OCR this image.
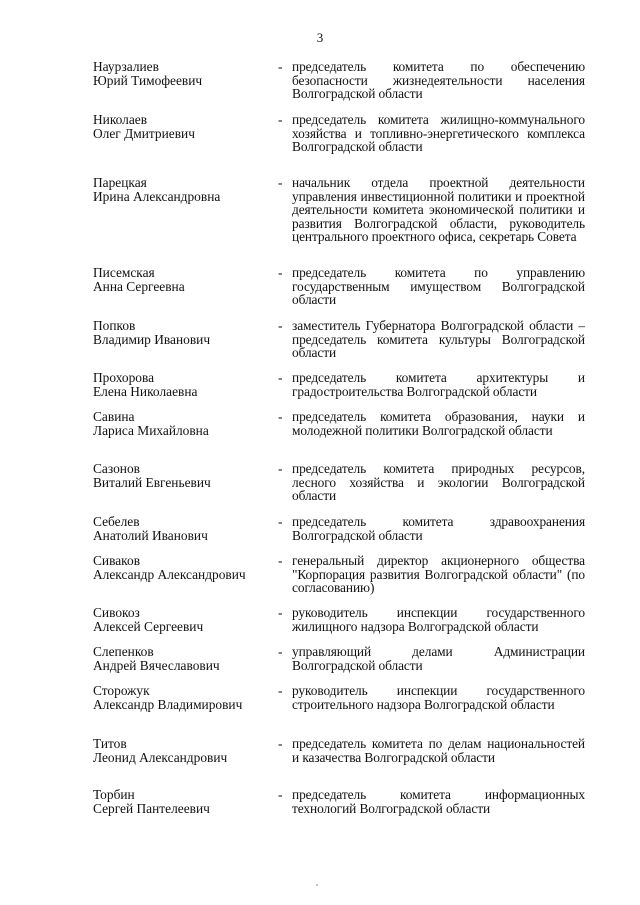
3
Наурзалиев
Юрий Тимофеевич
- председатель комитета по обеспечению безопасности жизнедеятельности населения Волгоградской области
Николаев
Олег Дмитриевич
- председатель комитета жилищно-коммунального хозяйства и топливно-энергетического комплекса Волгоградской области
Парецкая
Ирина Александровна
- начальник отдела проектной деятельности управления инвестиционной политики и проектной деятельности комитета экономической политики и развития Волгоградской области, руководитель центрального проектного офиса, секретарь Совета
Писемская
Анна Сергеевна
- председатель комитета по управлению государственным имуществом Волгоградской области
Попков
Владимир Иванович
- заместитель Губернатора Волгоградской области – председатель комитета культуры Волгоградской области
Прохорова
Елена Николаевна
- председатель комитета архитектуры и градостроительства Волгоградской области
Савина
Лариса Михайловна
- председатель комитета образования, науки и молодежной политики Волгоградской области
Сазонов
Виталий Евгеньевич
- председатель комитета природных ресурсов, лесного хозяйства и экологии Волгоградской области
Себелев
Анатолий Иванович
- председатель комитета здравоохранения Волгоградской области
Сиваков
Александр Александрович
- генеральный директор акционерного общества "Корпорация развития Волгоградской области" (по согласованию)
Сивокоз
Алексей Сергеевич
- руководитель инспекции государственного жилищного надзора Волгоградской области
Слепенков
Андрей Вячеславович
- управляющий делами Администрации Волгоградской области
Сторожук
Александр Владимирович
- руководитель инспекции государственного строительного надзора Волгоградской области
Титов
Леонид Александрович
- председатель комитета по делам национальностей и казачества Волгоградской области
Торбин
Сергей Пантелеевич
- председатель комитета информационных технологий Волгоградской области
